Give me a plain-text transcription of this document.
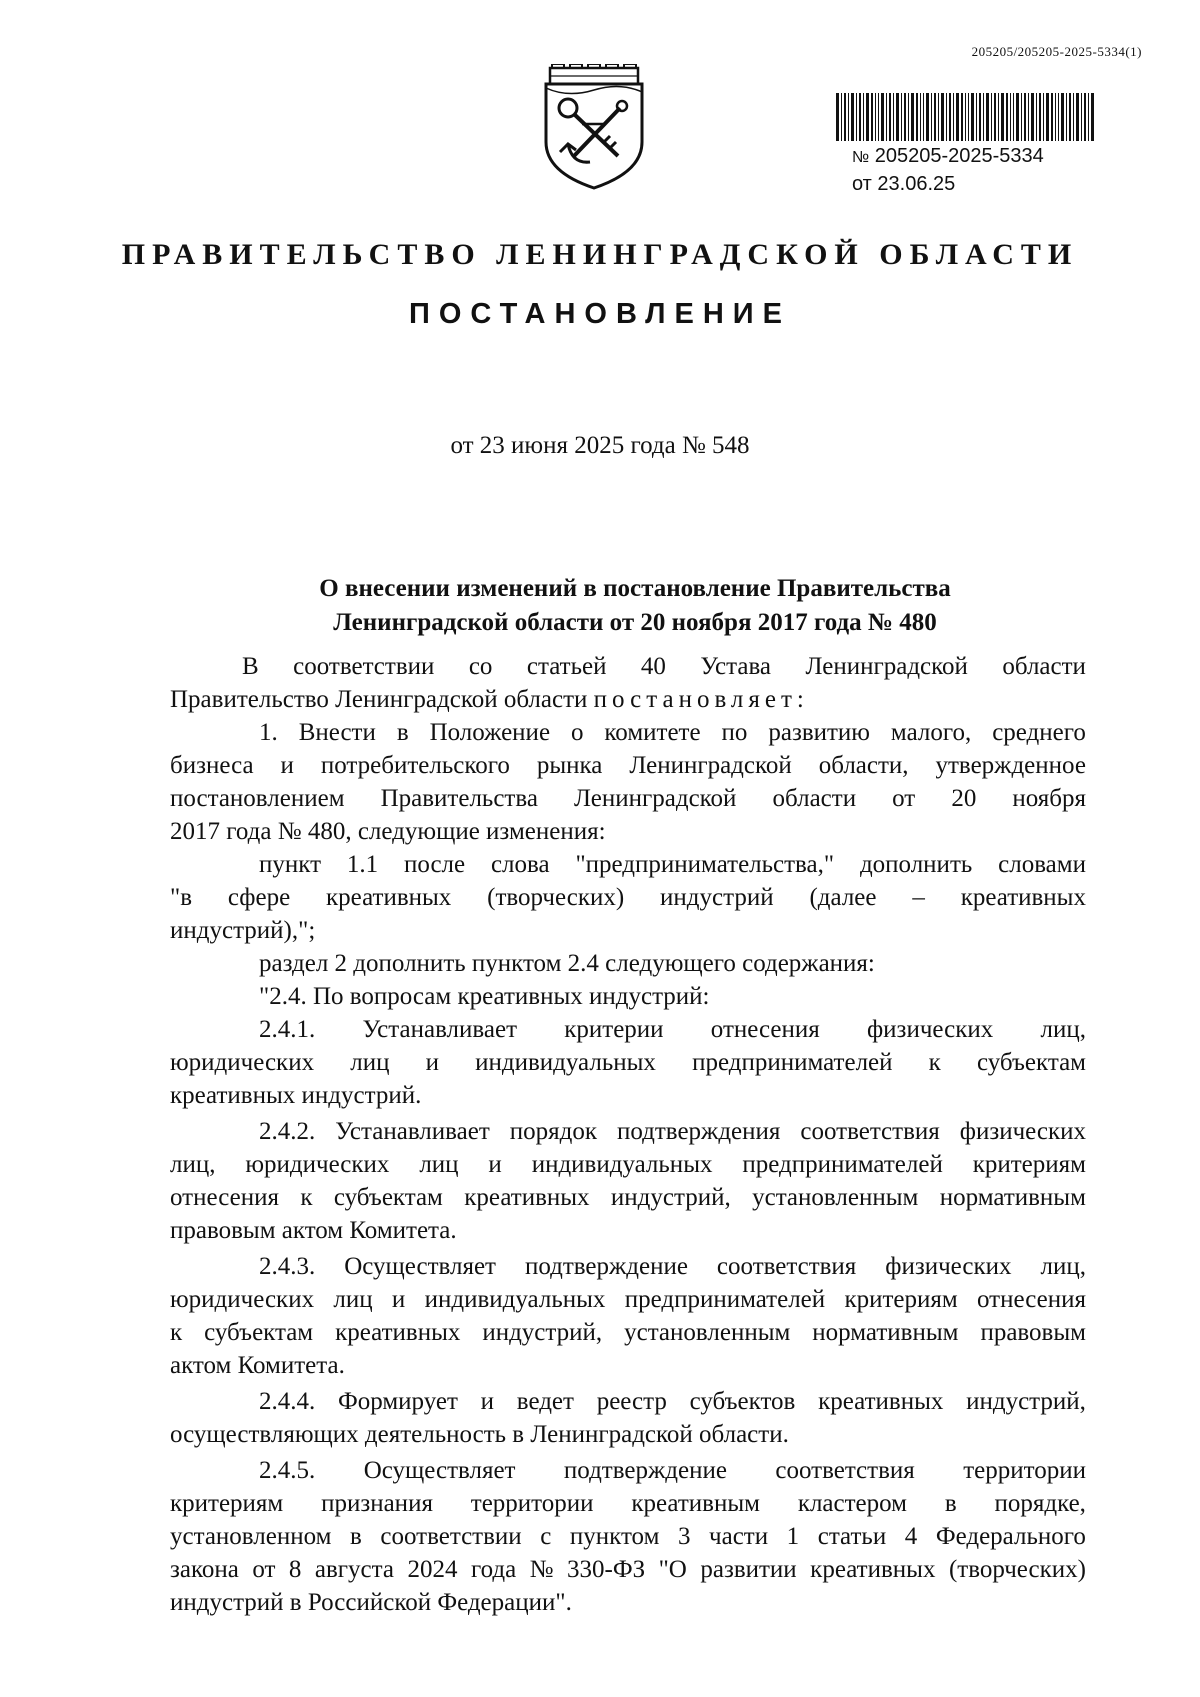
205205/205205-2025-5334(1)
№ 205205-2025-5334
от 23.06.25
ПРАВИТЕЛЬСТВО ЛЕНИНГРАДСКОЙ ОБЛАСТИ
ПОСТАНОВЛЕНИЕ
от 23 июня 2025 года № 548
О внесении изменений в постановление Правительства
Ленинградской области от 20 ноября 2017 года № 480
В соответствии со статьей 40 Устава Ленинградской области
Правительство Ленинградской области постановляет:
1. Внести в Положение о комитете по развитию малого, среднего
бизнеса и потребительского рынка Ленинградской области, утвержденное
постановлением Правительства Ленинградской области от 20 ноября
2017 года № 480, следующие изменения:
пункт 1.1 после слова "предпринимательства," дополнить словами
"в сфере креативных (творческих) индустрий (далее – креативных
индустрий),";
раздел 2 дополнить пунктом 2.4 следующего содержания:
"2.4. По вопросам креативных индустрий:
2.4.1. Устанавливает критерии отнесения физических лиц,
юридических лиц и индивидуальных предпринимателей к субъектам
креативных индустрий.
2.4.2. Устанавливает порядок подтверждения соответствия физических
лиц, юридических лиц и индивидуальных предпринимателей критериям
отнесения к субъектам креативных индустрий, установленным нормативным
правовым актом Комитета.
2.4.3. Осуществляет подтверждение соответствия физических лиц,
юридических лиц и индивидуальных предпринимателей критериям отнесения
к субъектам креативных индустрий, установленным нормативным правовым
актом Комитета.
2.4.4. Формирует и ведет реестр субъектов креативных индустрий,
осуществляющих деятельность в Ленинградской области.
2.4.5. Осуществляет подтверждение соответствия территории
критериям признания территории креативным кластером в порядке,
установленном в соответствии с пунктом 3 части 1 статьи 4 Федерального
закона от 8 августа 2024 года № 330-ФЗ "О развитии креативных (творческих)
индустрий в Российской Федерации".
